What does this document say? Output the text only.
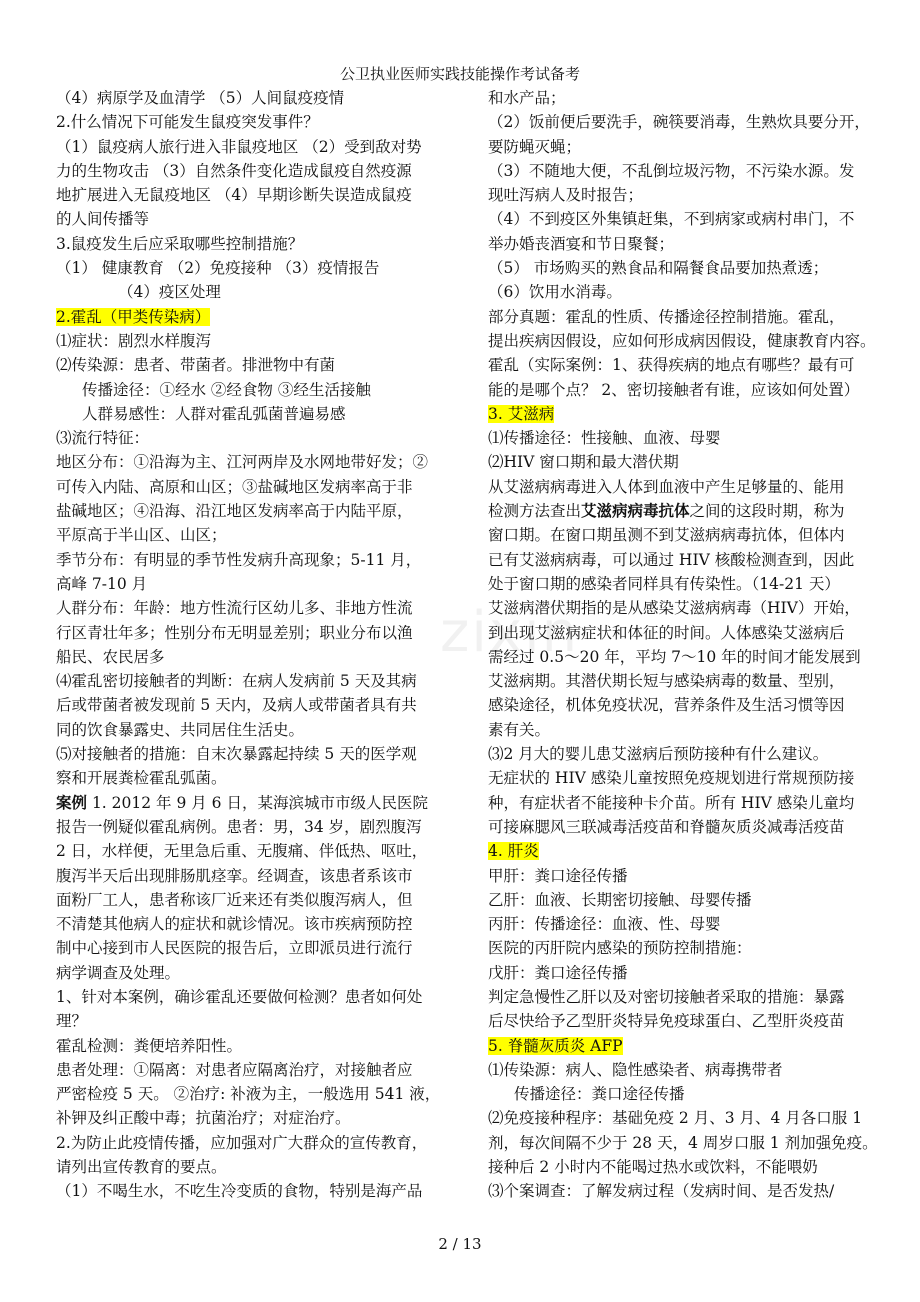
公卫执业医师实践技能操作考试备考
zixin
（4）病原学及血清学 （5）人间鼠疫疫情
2.什么情况下可能发生鼠疫突发事件？
（1）鼠疫病人旅行进入非鼠疫地区 （2）受到敌对势
力的生物攻击 （3）自然条件变化造成鼠疫自然疫源
地扩展进入无鼠疫地区 （4）早期诊断失误造成鼠疫
的人间传播等
3.鼠疫发生后应采取哪些控制措施？
（1） 健康教育 （2）免疫接种 （3）疫情报告
（4）疫区处理
2.霍乱（甲类传染病）
⑴症状：剧烈水样腹泻
⑵传染源：患者、带菌者。排泄物中有菌
传播途径：①经水 ②经食物 ③经生活接触
人群易感性：人群对霍乱弧菌普遍易感
⑶流行特征：
地区分布：①沿海为主、江河两岸及水网地带好发；②
可传入内陆、高原和山区；③盐碱地区发病率高于非
盐碱地区；④沿海、沿江地区发病率高于内陆平原，
平原高于半山区、山区；
季节分布：有明显的季节性发病升高现象；5-11 月，
高峰 7-10 月
人群分布：年龄：地方性流行区幼儿多、非地方性流
行区青壮年多；性别分布无明显差别；职业分布以渔
船民、农民居多
⑷霍乱密切接触者的判断：在病人发病前 5 天及其病
后或带菌者被发现前 5 天内，及病人或带菌者具有共
同的饮食暴露史、共同居住生活史。
⑸对接触者的措施：自末次暴露起持续 5 天的医学观
察和开展粪检霍乱弧菌。
案例 1. 2012 年 9 月 6 日，某海滨城市市级人民医院
报告一例疑似霍乱病例。患者：男，34 岁，剧烈腹泻
2 日，水样便，无里急后重、无腹痛、伴低热、呕吐，
腹泻半天后出现腓肠肌痉挛。经调查，该患者系该市
面粉厂工人，患者称该厂近来还有类似腹泻病人，但
不清楚其他病人的症状和就诊情况。该市疾病预防控
制中心接到市人民医院的报告后，立即派员进行流行
病学调查及处理。
1、针对本案例，确诊霍乱还要做何检测？患者如何处
理？
霍乱检测：粪便培养阳性。
患者处理：①隔离：对患者应隔离治疗，对接触者应
严密检疫 5 天。 ②治疗: 补液为主，一般选用 541 液，
补钾及纠正酸中毒；抗菌治疗；对症治疗。
2.为防止此疫情传播，应加强对广大群众的宣传教育，
请列出宣传教育的要点。
（1）不喝生水，不吃生冷变质的食物，特别是海产品
和水产品；
（2）饭前便后要洗手，碗筷要消毒，生熟炊具要分开，
要防蝇灭蝇；
（3）不随地大便，不乱倒垃圾污物，不污染水源。发
现吐泻病人及时报告；
（4）不到疫区外集镇赶集，不到病家或病村串门，不
举办婚丧酒宴和节日聚餐；
（5） 市场购买的熟食品和隔餐食品要加热煮透；
（6）饮用水消毒。
部分真题：霍乱的性质、传播途径控制措施。霍乱，
提出疾病因假设，应如何形成病因假设，健康教育内容。
霍乱（实际案例：1、获得疾病的地点有哪些？最有可
能的是哪个点？ 2、密切接触者有谁，应该如何处置）
3. 艾滋病
⑴传播途径：性接触、血液、母婴
⑵HIV 窗口期和最大潜伏期
从艾滋病病毒进入人体到血液中产生足够量的、能用
检测方法查出艾滋病病毒抗体之间的这段时期，称为
窗口期。在窗口期虽测不到艾滋病病毒抗体，但体内
已有艾滋病病毒，可以通过 HIV 核酸检测查到，因此
处于窗口期的感染者同样具有传染性。（14-21 天）
艾滋病潜伏期指的是从感染艾滋病病毒（HIV）开始，
到出现艾滋病症状和体征的时间。人体感染艾滋病后
需经过 0.5～20 年，平均 7～10 年的时间才能发展到
艾滋病期。其潜伏期长短与感染病毒的数量、型别，
感染途径，机体免疫状况，营养条件及生活习惯等因
素有关。
⑶2 月大的婴儿患艾滋病后预防接种有什么建议。
无症状的 HIV 感染儿童按照免疫规划进行常规预防接
种，有症状者不能接种卡介苗。所有 HIV 感染儿童均
可接麻腮风三联减毒活疫苗和脊髓灰质炎减毒活疫苗
4. 肝炎
甲肝：粪口途径传播
乙肝：血液、长期密切接触、母婴传播
丙肝：传播途径：血液、性、母婴
医院的丙肝院内感染的预防控制措施：
戊肝：粪口途径传播
判定急慢性乙肝以及对密切接触者采取的措施：暴露
后尽快给予乙型肝炎特异免疫球蛋白、乙型肝炎疫苗
5. 脊髓灰质炎 AFP
⑴传染源：病人、隐性感染者、病毒携带者
传播途径：粪口途径传播
⑵免疫接种程序：基础免疫 2 月、3 月、4 月各口服 1
剂，每次间隔不少于 28 天，4 周岁口服 1 剂加强免疫。
接种后 2 小时内不能喝过热水或饮料，不能喂奶
⑶个案调查：了解发病过程（发病时间、是否发热/
2 / 13
